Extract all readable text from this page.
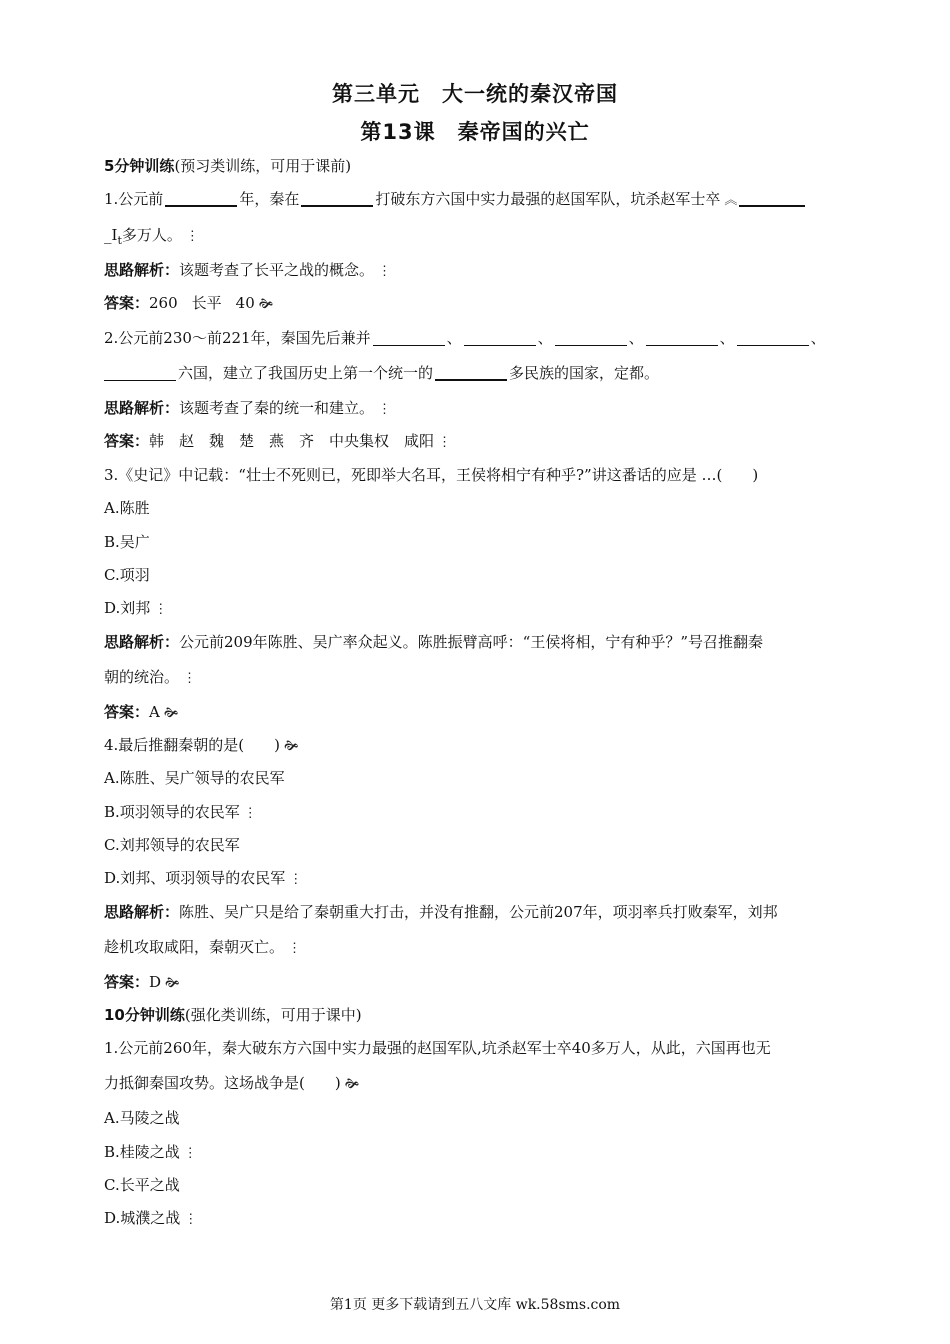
第三单元　大一统的秦汉帝国
第13课　秦帝国的兴亡
5分钟训练(预习类训练，可用于课前)
1.公元前	年，秦在	打破东方六国中实力最强的赵国军队，坑杀赵军士卒 ︽
$\_I_t$多万人。 ⋮
思路解析：该题考查了长平之战的概念。 ⋮
答案：260 长平 40 🙞
2.公元前230～前221年，秦国先后兼并	、	、	、	、	、
六国，建立了我国历史上第一个统一的	多民族的国家，定都。
思路解析：该题考查了秦的统一和建立。 ⋮
答案：韩　赵　魏　楚　燕　齐　中央集权　咸阳 ⋮
3.《史记》中记载：“壮士不死则已，死即举大名耳，王侯将相宁有种乎?”讲这番话的应是 …(　　)
A.陈胜
B.吴广
C.项羽
D.刘邦 ⋮
思路解析：公元前209年陈胜、吴广率众起义。陈胜振臂高呼：“王侯将相，宁有种乎？”号召推翻秦
朝的统治。 ⋮
答案：A 🙞
4.最后推翻秦朝的是(　　) 🙞
A.陈胜、吴广领导的农民军
B.项羽领导的农民军 ⋮
C.刘邦领导的农民军
D.刘邦、项羽领导的农民军 ⋮
思路解析：陈胜、吴广只是给了秦朝重大打击，并没有推翻，公元前207年，项羽率兵打败秦军，刘邦
趁机攻取咸阳，秦朝灭亡。 ⋮
答案：D 🙞
10分钟训练(强化类训练，可用于课中)
1.公元前260年，秦大破东方六国中实力最强的赵国军队,坑杀赵军士卒40多万人，从此，六国再也无
力抵御秦国攻势。这场战争是(　　) 🙞
A.马陵之战
B.桂陵之战 ⋮
C.长平之战
D.城濮之战 ⋮
第1页 更多下载请到五八文库 wk.58sms.com
